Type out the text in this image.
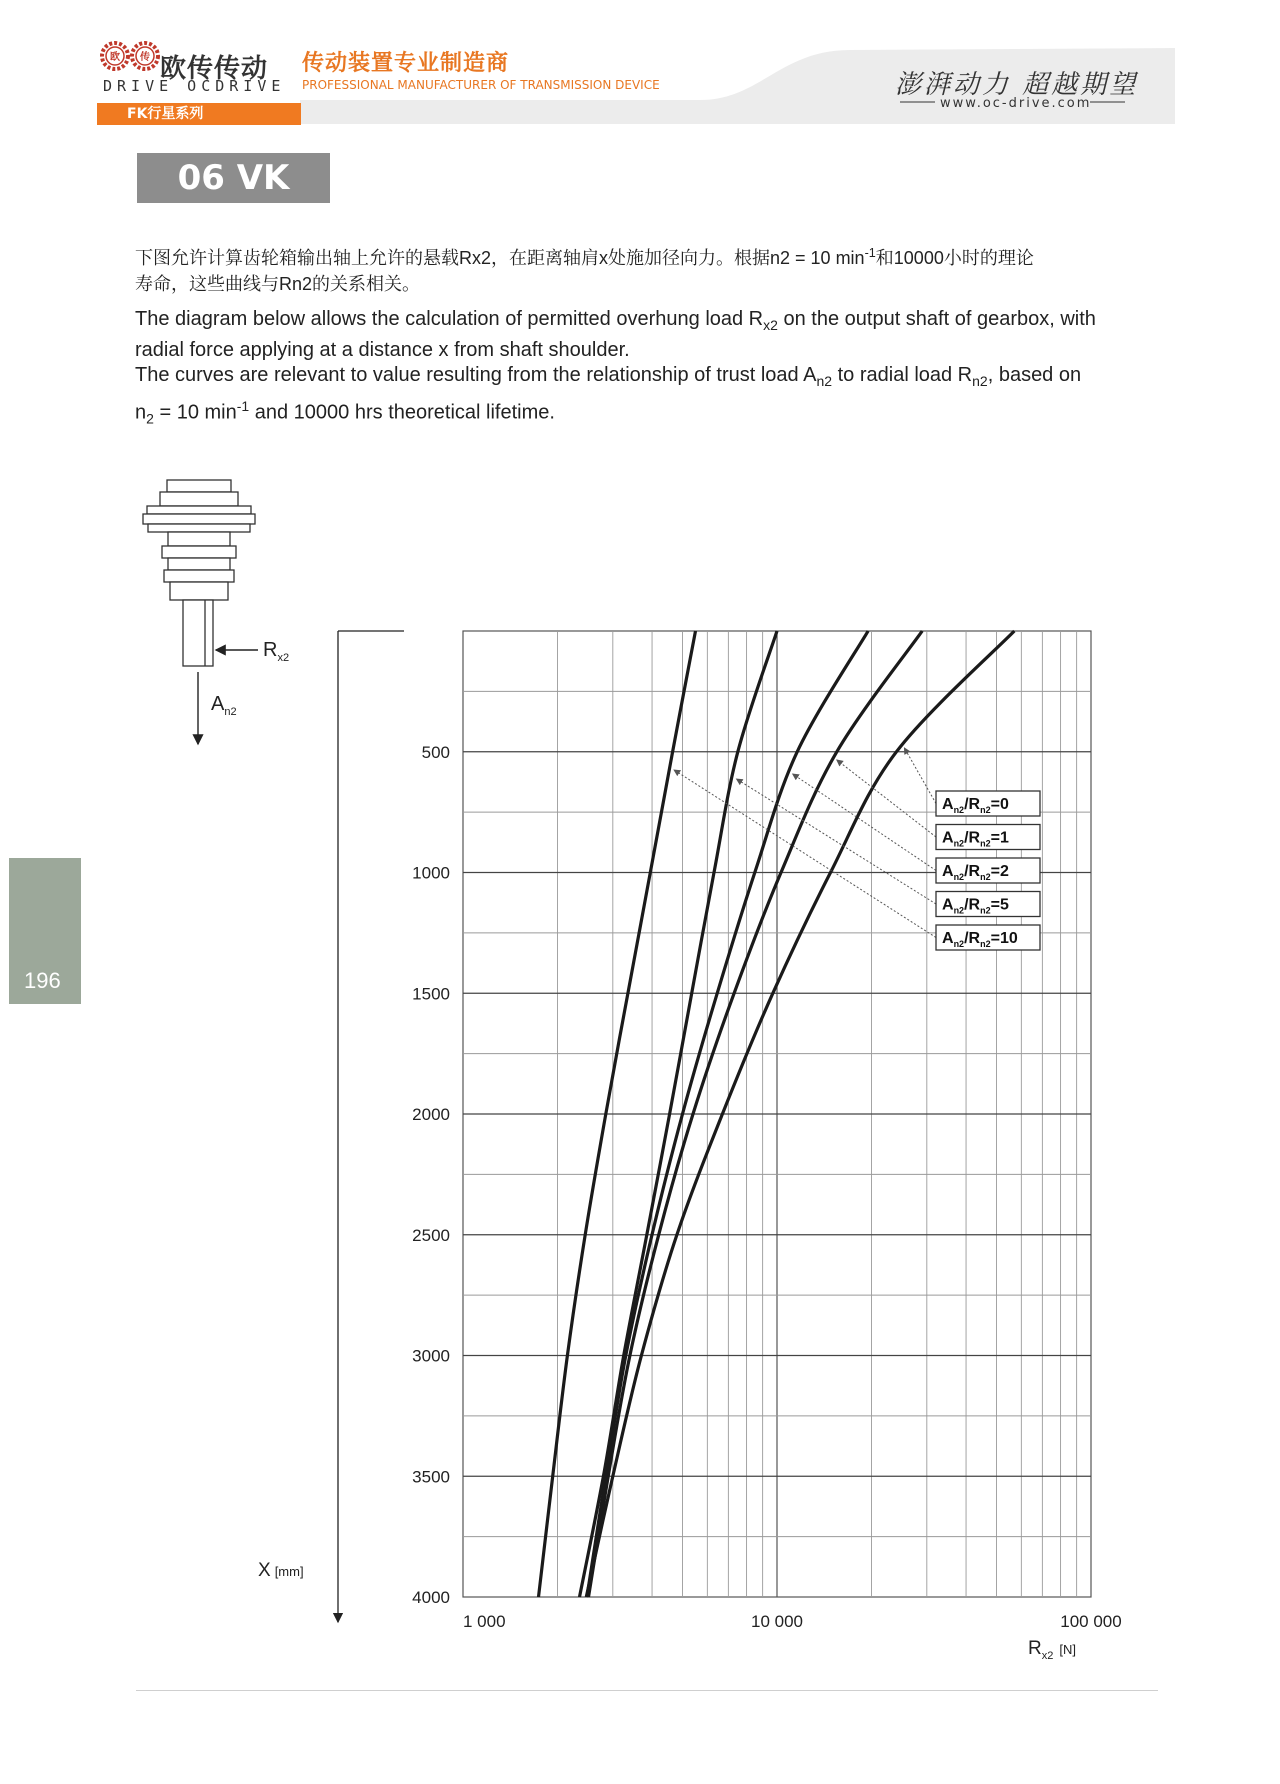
欧 传 欧传传动
DRIVE OCDRIVE
传动装置专业制造商
PROFESSIONAL MANUFACTURER OF TRANSMISSION DEVICE	澎湃动力 超越期望
www.oc-drive.com
FK行星系列
06 VK
下图允许计算齿轮箱输出轴上允许的悬载Rx2，在距离轴肩x处施加径向力。根据n2 = 10 $\min^{-1}$和10000小时的理论
寿命，这些曲线与Rn2的关系相关。
The diagram below allows the calculation of permitted overhung load $R_{x2}$ on the output shaft of gearbox, with
radial force applying at a distance x from shaft shoulder.
The curves are relevant to value resulting from the relationship of trust load $A_{n2}$ to radial load $R_{n2}$, based on
$n_2 = 10$ $\min^{-1}$ and 10000 hrs theoretical lifetime.
196
$R_{x2}$
$A_{n2}$
X [mm]
500
1000
1500
2000
2500
3000
3500
4000
1 000	10 000	100 000
$A_{n2}/R_{n2}=0$
$A_{n2}/R_{n2}=1$
$A_{n2}/R_{n2}=2$
$A_{n2}/R_{n2}=5$
$A_{n2}/R_{n2}=10$
$R_{x2}$ [N]
